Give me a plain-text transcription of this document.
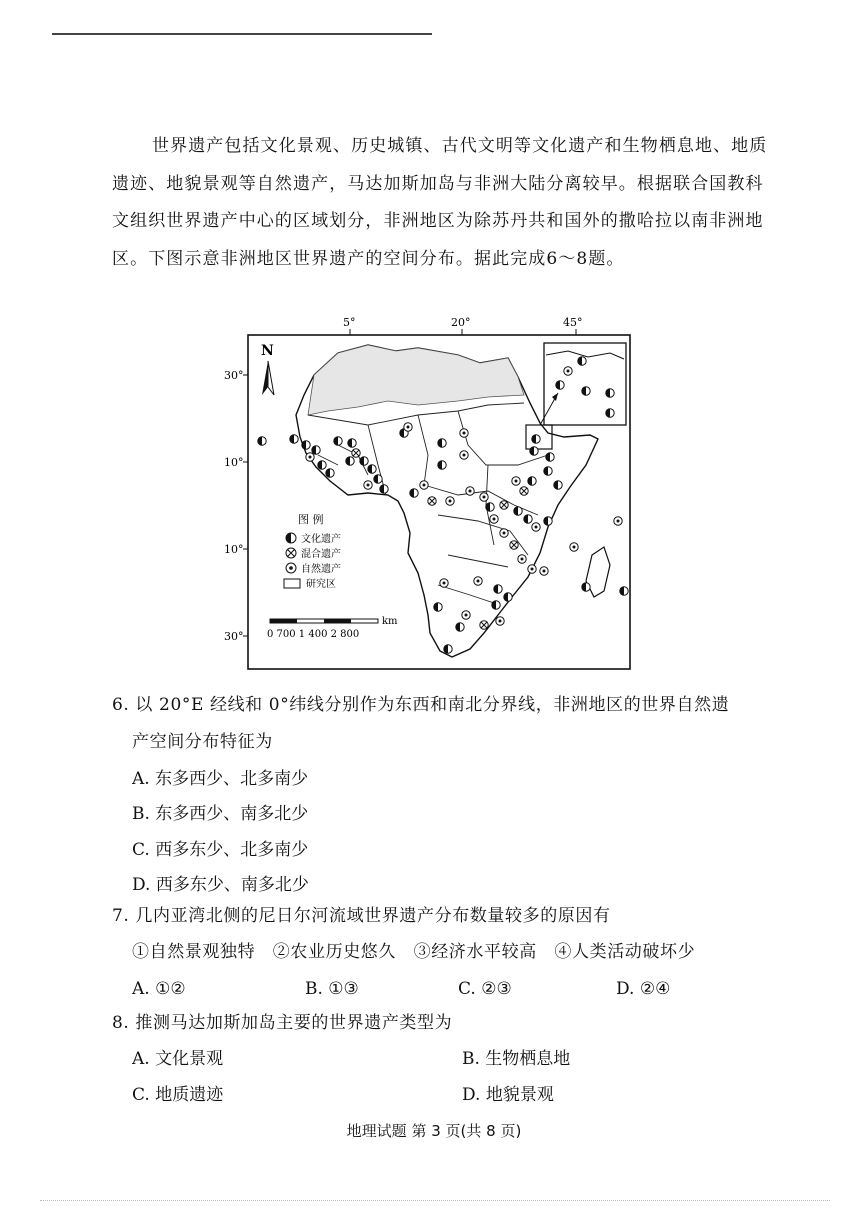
世界遗产包括文化景观、历史城镇、古代文明等文化遗产和生物栖息地、地质遗迹、地貌景观等自然遗产，马达加斯加岛与非洲大陆分离较早。根据联合国教科文组织世界遗产中心的区域划分，非洲地区为除苏丹共和国外的撒哈拉以南非洲地区。下图示意非洲地区世界遗产的空间分布。据此完成6～8题。

5°	20°	45°
30°
10°
10°
30°
N
图 例
文化遗产
混合遗产
自然遗产
研究区
0 700 1 400 2 800
km
6. 以 20°E 经线和 0°纬线分别作为东西和南北分界线，非洲地区的世界自然遗
产空间分布特征为
A. 东多西少、北多南少
B. 东多西少、南多北少
C. 西多东少、北多南少
D. 西多东少、南多北少
7. 几内亚湾北侧的尼日尔河流域世界遗产分布数量较多的原因有
①自然景观独特　②农业历史悠久　③经济水平较高　④人类活动破坏少
A. ①②	B. ①③	C. ②③	D. ②④
8. 推测马达加斯加岛主要的世界遗产类型为
A. 文化景观	B. 生物栖息地
C. 地质遗迹	D. 地貌景观
地理试题 第 3 页(共 8 页)
